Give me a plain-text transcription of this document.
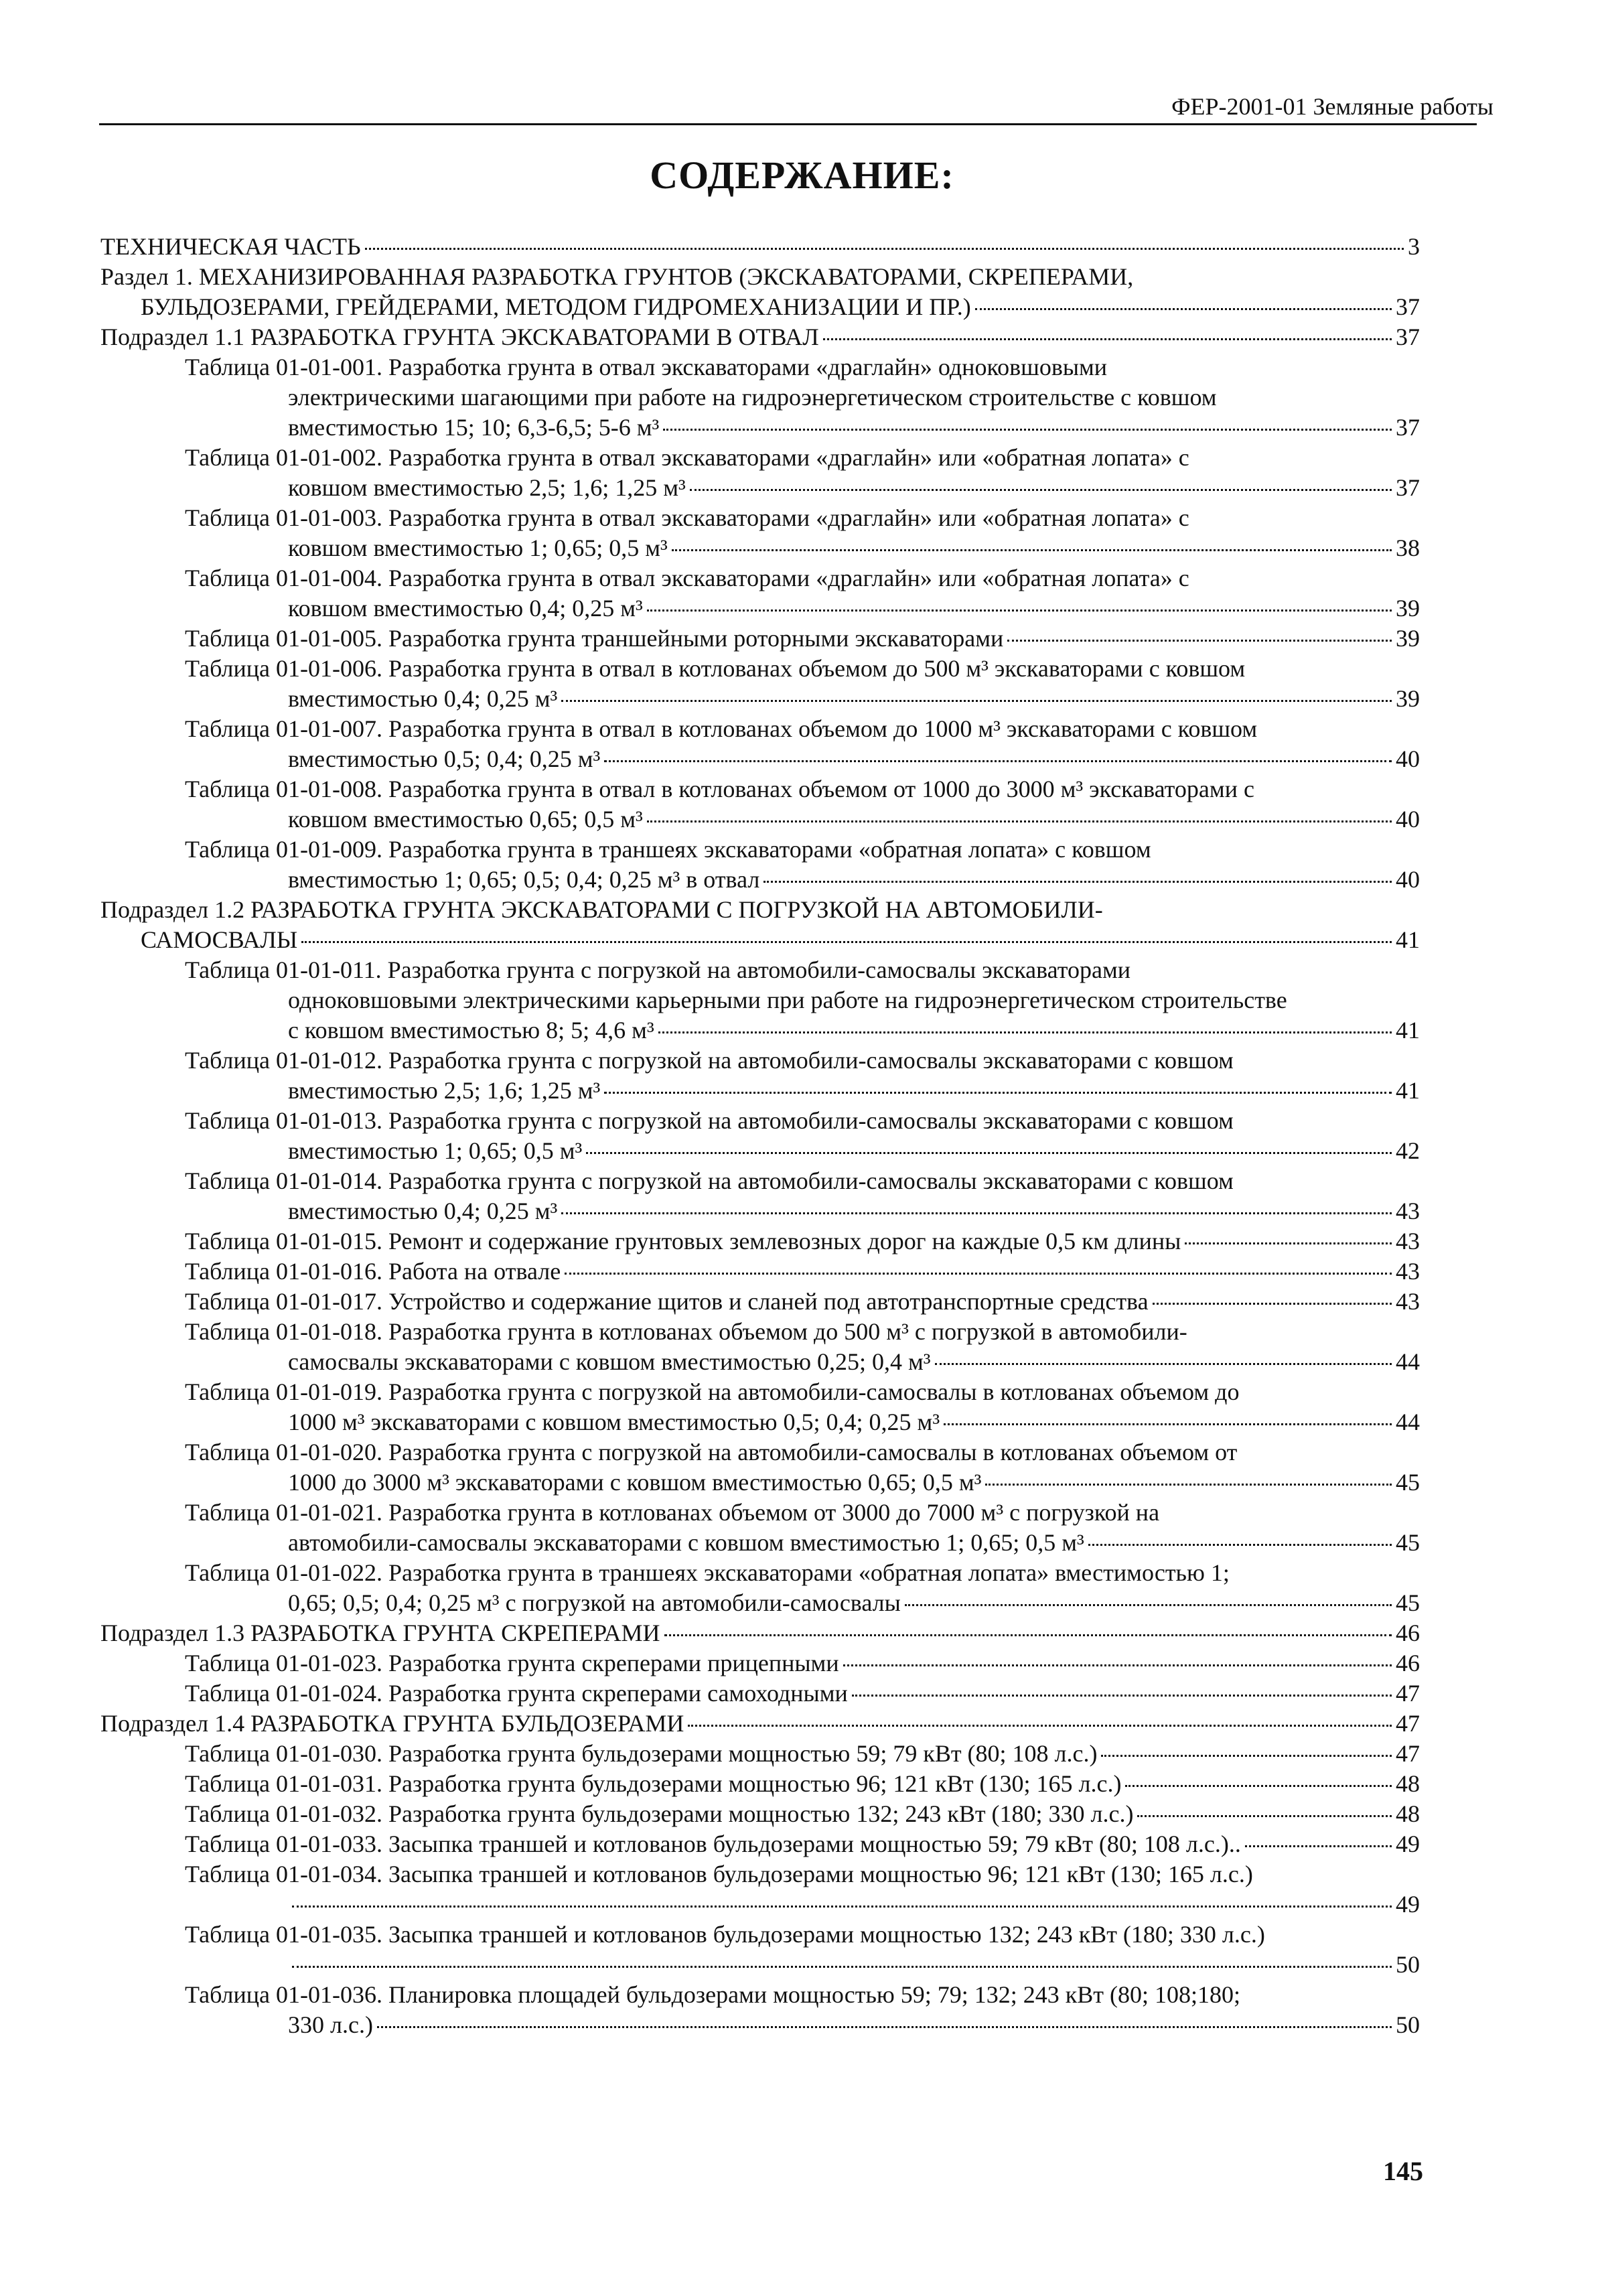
ФЕР-2001-01 Земляные работы
СОДЕРЖАНИЕ:
ТЕХНИЧЕСКАЯ ЧАСТЬ	3
Раздел 1. МЕХАНИЗИРОВАННАЯ РАЗРАБОТКА ГРУНТОВ (ЭКСКАВАТОРАМИ, СКРЕПЕРАМИ,
БУЛЬДОЗЕРАМИ, ГРЕЙДЕРАМИ, МЕТОДОМ ГИДРОМЕХАНИЗАЦИИ И ПР.)	37
Подраздел 1.1 РАЗРАБОТКА ГРУНТА ЭКСКАВАТОРАМИ В ОТВАЛ	37
Таблица 01-01-001. Разработка грунта в отвал экскаваторами «драглайн» одноковшовыми
электрическими шагающими при работе на гидроэнергетическом строительстве с ковшом
вместимостью 15; 10; 6,3-6,5; 5-6 м³	37
Таблица 01-01-002. Разработка грунта в отвал экскаваторами «драглайн» или «обратная лопата» с
ковшом вместимостью 2,5; 1,6; 1,25 м³	37
Таблица 01-01-003. Разработка грунта в отвал экскаваторами «драглайн» или «обратная лопата» с
ковшом вместимостью 1; 0,65; 0,5 м³	38
Таблица 01-01-004. Разработка грунта в отвал экскаваторами «драглайн» или «обратная лопата» с
ковшом вместимостью 0,4; 0,25 м³	39
Таблица 01-01-005. Разработка грунта траншейными роторными экскаваторами	39
Таблица 01-01-006. Разработка грунта в отвал в котлованах объемом до 500 м³ экскаваторами с ковшом
вместимостью 0,4; 0,25 м³	39
Таблица 01-01-007. Разработка грунта в отвал в котлованах объемом до 1000 м³ экскаваторами с ковшом
вместимостью 0,5; 0,4; 0,25 м³	40
Таблица 01-01-008. Разработка грунта в отвал в котлованах объемом от 1000 до 3000 м³ экскаваторами с
ковшом вместимостью 0,65; 0,5 м³	40
Таблица 01-01-009. Разработка грунта в траншеях экскаваторами «обратная лопата» с ковшом
вместимостью 1; 0,65; 0,5; 0,4; 0,25 м³ в отвал	40
Подраздел 1.2 РАЗРАБОТКА ГРУНТА ЭКСКАВАТОРАМИ С ПОГРУЗКОЙ НА АВТОМОБИЛИ-
САМОСВАЛЫ	41
Таблица 01-01-011. Разработка грунта с погрузкой на автомобили-самосвалы экскаваторами
одноковшовыми электрическими карьерными при работе на гидроэнергетическом строительстве
с ковшом вместимостью 8; 5; 4,6 м³	41
Таблица 01-01-012. Разработка грунта с погрузкой на автомобили-самосвалы экскаваторами с ковшом
вместимостью 2,5; 1,6; 1,25 м³	41
Таблица 01-01-013. Разработка грунта с погрузкой на автомобили-самосвалы экскаваторами с ковшом
вместимостью 1; 0,65; 0,5 м³	42
Таблица 01-01-014. Разработка грунта с погрузкой на автомобили-самосвалы экскаваторами с ковшом
вместимостью 0,4; 0,25 м³	43
Таблица 01-01-015. Ремонт и содержание грунтовых землевозных дорог на каждые 0,5 км длины	43
Таблица 01-01-016. Работа на отвале	43
Таблица 01-01-017. Устройство и содержание щитов и сланей под автотранспортные средства	43
Таблица 01-01-018. Разработка грунта в котлованах объемом до 500 м³ с погрузкой в автомобили-
самосвалы экскаваторами с ковшом вместимостью 0,25; 0,4 м³	44
Таблица 01-01-019. Разработка грунта с погрузкой на автомобили-самосвалы в котлованах объемом до
1000 м³ экскаваторами с ковшом вместимостью 0,5; 0,4; 0,25 м³	44
Таблица 01-01-020. Разработка грунта с погрузкой на автомобили-самосвалы в котлованах объемом от
1000 до 3000 м³ экскаваторами с ковшом вместимостью 0,65; 0,5 м³	45
Таблица 01-01-021. Разработка грунта в котлованах объемом от 3000 до 7000 м³ с погрузкой на
автомобили-самосвалы экскаваторами с ковшом вместимостью 1; 0,65; 0,5 м³	45
Таблица 01-01-022. Разработка грунта в траншеях экскаваторами «обратная лопата» вместимостью 1;
0,65; 0,5; 0,4; 0,25 м³ с погрузкой на автомобили-самосвалы	45
Подраздел 1.3 РАЗРАБОТКА ГРУНТА СКРЕПЕРАМИ	46
Таблица 01-01-023. Разработка грунта скреперами прицепными	46
Таблица 01-01-024. Разработка грунта скреперами самоходными	47
Подраздел 1.4 РАЗРАБОТКА ГРУНТА БУЛЬДОЗЕРАМИ	47
Таблица 01-01-030. Разработка грунта бульдозерами мощностью 59; 79 кВт (80; 108 л.с.)	47
Таблица 01-01-031. Разработка грунта бульдозерами мощностью 96; 121 кВт (130; 165 л.с.)	48
Таблица 01-01-032. Разработка грунта бульдозерами мощностью 132; 243 кВт (180; 330 л.с.)	48
Таблица 01-01-033. Засыпка траншей и котлованов бульдозерами мощностью 59; 79 кВт (80; 108 л.с.)..	49
Таблица 01-01-034. Засыпка траншей и котлованов бульдозерами мощностью 96; 121 кВт (130; 165 л.с.)
49
Таблица 01-01-035. Засыпка траншей и котлованов бульдозерами мощностью 132; 243 кВт (180; 330 л.с.)
50
Таблица 01-01-036. Планировка площадей бульдозерами мощностью 59; 79; 132; 243 кВт (80; 108;180;
330 л.с.)	50
145
